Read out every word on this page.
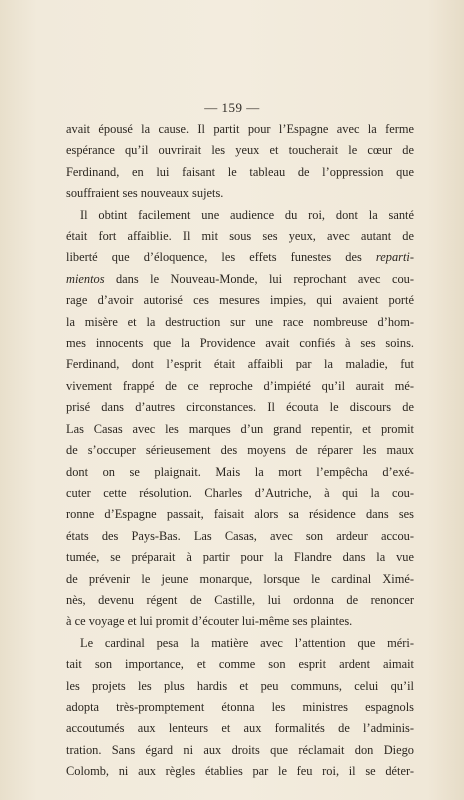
— 159 —
avait épousé la cause. Il partit pour l’Espagne avec la ferme
espérance qu’il ouvrirait les yeux et toucherait le cœur de
Ferdinand, en lui faisant le tableau de l’oppression que
souffraient ses nouveaux sujets.
Il obtint facilement une audience du roi, dont la santé
était fort affaiblie. Il mit sous ses yeux, avec autant de
liberté que d’éloquence, les effets funestes des reparti-
mientos dans le Nouveau-Monde, lui reprochant avec cou-
rage d’avoir autorisé ces mesures impies, qui avaient porté
la misère et la destruction sur une race nombreuse d’hom-
mes innocents que la Providence avait confiés à ses soins.
Ferdinand, dont l’esprit était affaibli par la maladie, fut
vivement frappé de ce reproche d’impiété qu’il aurait mé-
prisé dans d’autres circonstances. Il écouta le discours de
Las Casas avec les marques d’un grand repentir, et promit
de s’occuper sérieusement des moyens de réparer les maux
dont on se plaignait. Mais la mort l’empêcha d’exé-
cuter cette résolution. Charles d’Autriche, à qui la cou-
ronne d’Espagne passait, faisait alors sa résidence dans ses
états des Pays-Bas. Las Casas, avec son ardeur accou-
tumée, se préparait à partir pour la Flandre dans la vue
de prévenir le jeune monarque, lorsque le cardinal Ximé-
nès, devenu régent de Castille, lui ordonna de renoncer
à ce voyage et lui promit d’écouter lui-même ses plaintes.
Le cardinal pesa la matière avec l’attention que méri-
tait son importance, et comme son esprit ardent aimait
les projets les plus hardis et peu communs, celui qu’il
adopta très-promptement étonna les ministres espagnols
accoutumés aux lenteurs et aux formalités de l’adminis-
tration. Sans égard ni aux droits que réclamait don Diego
Colomb, ni aux règles établies par le feu roi, il se déter-
